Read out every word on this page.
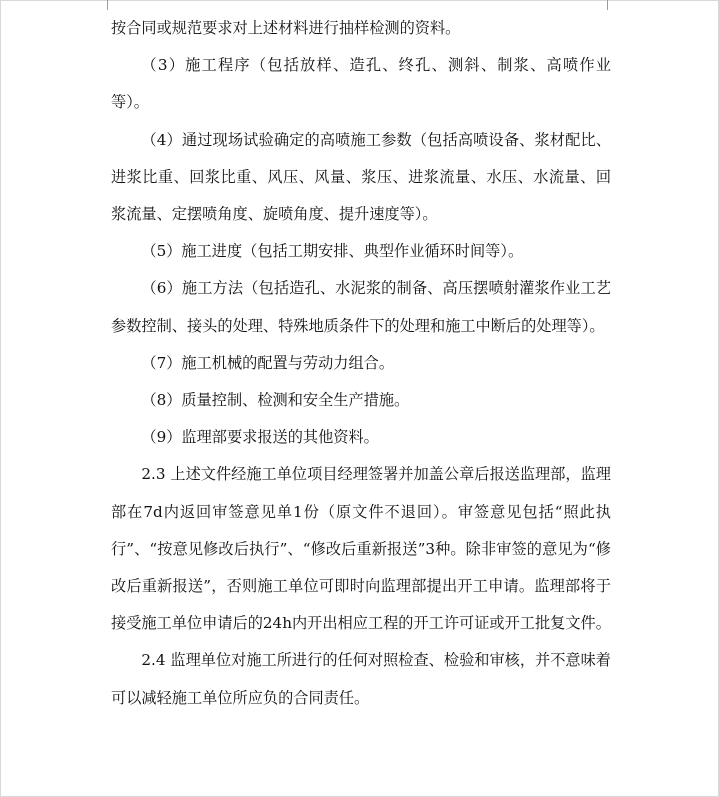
按合同或规范要求对上述材料进行抽样检测的资料。

（3）施工程序（包括放样、造孔、终孔、测斜、制浆、高喷作业等）。

（4）通过现场试验确定的高喷施工参数（包括高喷设备、浆材配比、进浆比重、回浆比重、风压、风量、浆压、进浆流量、水压、水流量、回浆流量、定摆喷角度、旋喷角度、提升速度等）。

（5）施工进度（包括工期安排、典型作业循环时间等）。

（6）施工方法（包括造孔、水泥浆的制备、高压摆喷射灌浆作业工艺参数控制、接头的处理、特殊地质条件下的处理和施工中断后的处理等）。

（7）施工机械的配置与劳动力组合。

（8）质量控制、检测和安全生产措施。

（9）监理部要求报送的其他资料。

2.3 上述文件经施工单位项目经理签署并加盖公章后报送监理部，监理部在7d内返回审签意见单1份（原文件不退回）。审签意见包括“照此执行”、“按意见修改后执行”、“修改后重新报送”3种。除非审签的意见为“修改后重新报送”，否则施工单位可即时向监理部提出开工申请。监理部将于接受施工单位申请后的24h内开出相应工程的开工许可证或开工批复文件。

2.4 监理单位对施工所进行的任何对照检查、检验和审核，并不意味着可以减轻施工单位所应负的合同责任。
